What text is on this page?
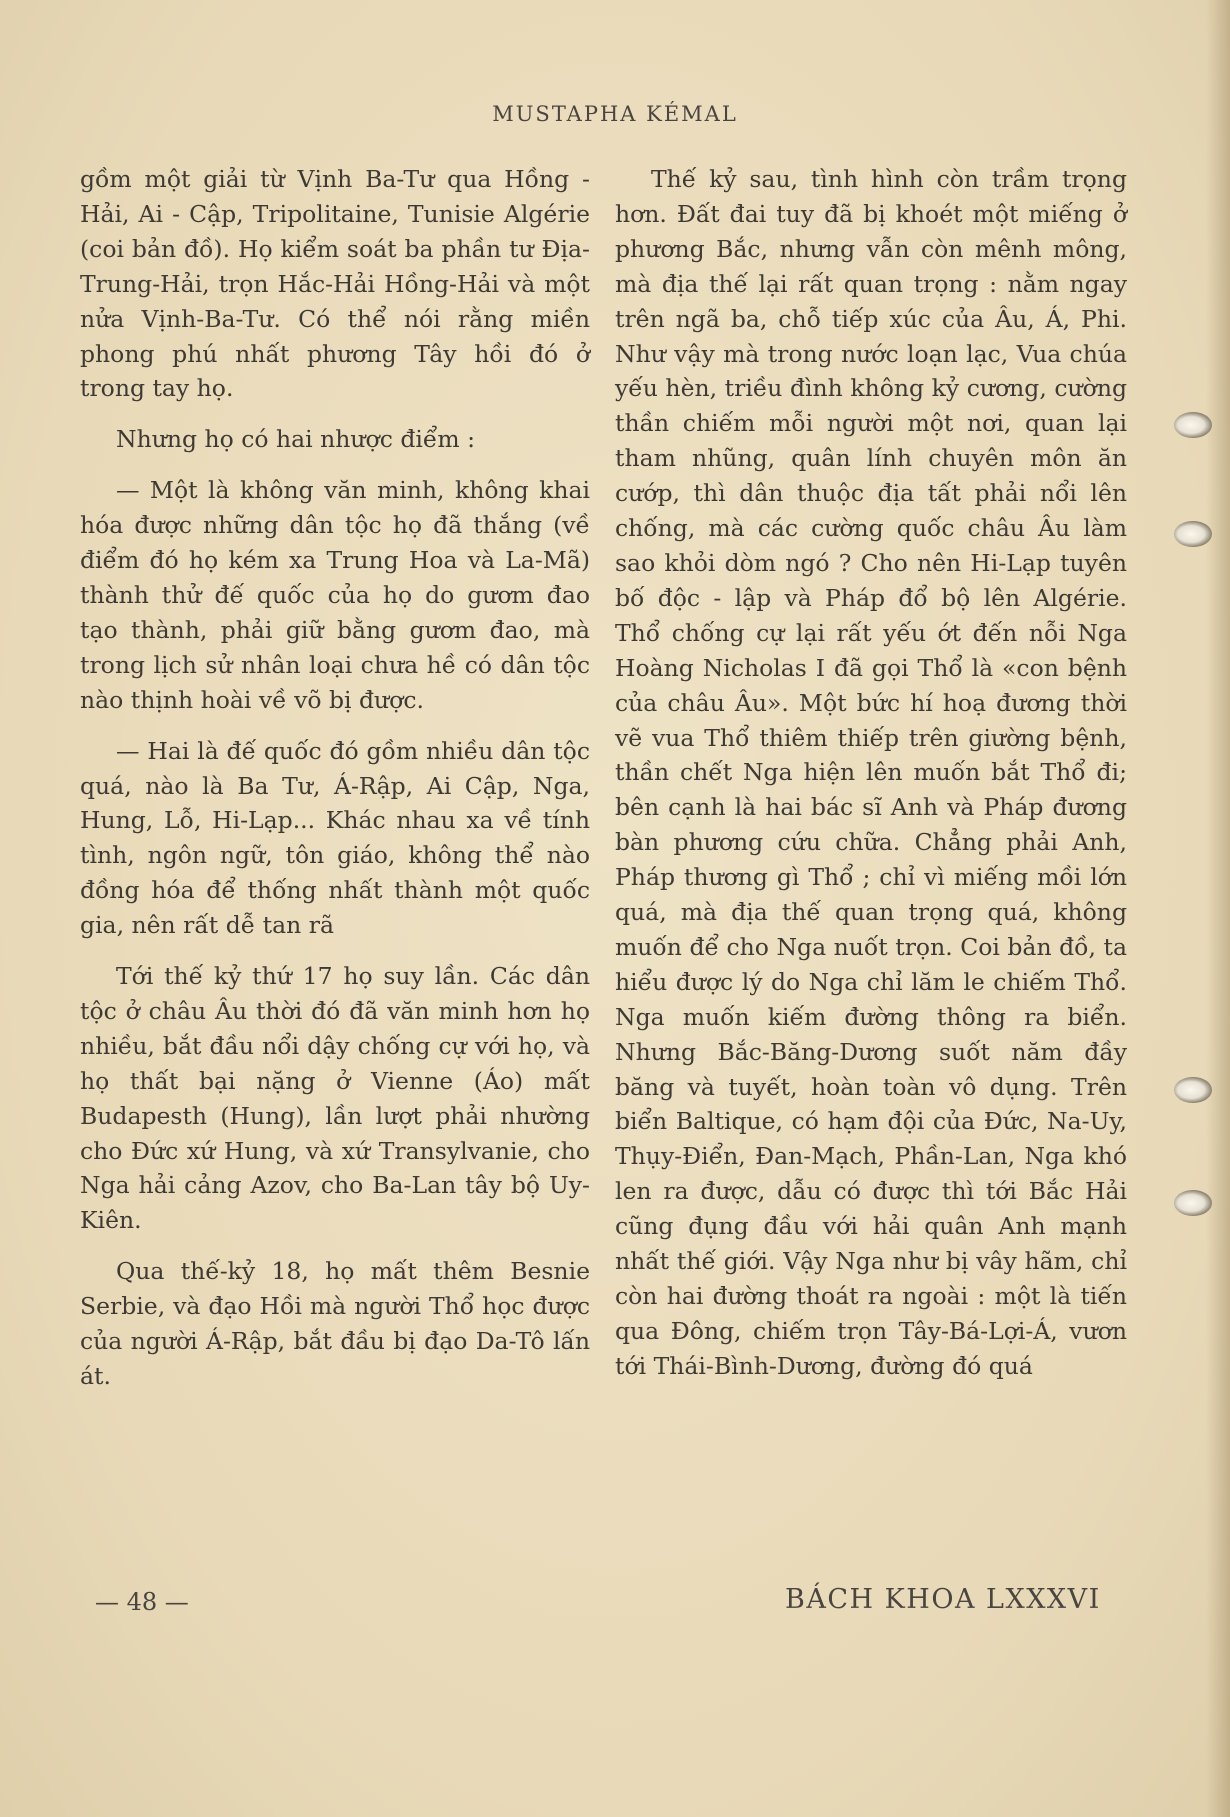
MUSTAPHA KÉMAL

gồm một giải từ Vịnh Ba-Tư qua Hồng - Hải, Ai - Cập, Tripolitaine, Tunisie Algérie (coi bản đồ). Họ kiểm soát ba phần tư Địa-Trung-Hải, trọn Hắc-Hải Hồng-Hải và một nửa Vịnh-Ba-Tư. Có thể nói rằng miền phong phú nhất phương Tây hồi đó ở trong tay họ.

Nhưng họ có hai nhược điểm :

— Một là không văn minh, không khai hóa được những dân tộc họ đã thắng (về điểm đó họ kém xa Trung Hoa và La-Mã) thành thử đế quốc của họ do gươm đao tạo thành, phải giữ bằng gươm đao, mà trong lịch sử nhân loại chưa hề có dân tộc nào thịnh hoài về võ bị được.

— Hai là đế quốc đó gồm nhiều dân tộc quá, nào là Ba Tư, Á-Rập, Ai Cập, Nga, Hung, Lỗ, Hi-Lạp... Khác nhau xa về tính tình, ngôn ngữ, tôn giáo, không thể nào đồng hóa để thống nhất thành một quốc gia, nên rất dễ tan rã

Tới thế kỷ thứ 17 họ suy lần. Các dân tộc ở châu Âu thời đó đã văn minh hơn họ nhiều, bắt đầu nổi dậy chống cự với họ, và họ thất bại nặng ở Vienne (Áo) mất Budapesth (Hung), lần lượt phải nhường cho Đức xứ Hung, và xứ Transylvanie, cho Nga hải cảng Azov, cho Ba-Lan tây bộ Uy-Kiên.

Qua thế-kỷ 18, họ mất thêm Besnie Serbie, và đạo Hồi mà người Thổ học được của người Á-Rập, bắt đầu bị đạo Da-Tô lấn át.

Thế kỷ sau, tình hình còn trầm trọng hơn. Đất đai tuy đã bị khoét một miếng ở phương Bắc, nhưng vẫn còn mênh mông, mà địa thế lại rất quan trọng : nằm ngay trên ngã ba, chỗ tiếp xúc của Âu, Á, Phi. Như vậy mà trong nước loạn lạc, Vua chúa yếu hèn, triều đình không kỷ cương, cường thần chiếm mỗi người một nơi, quan lại tham nhũng, quân lính chuyên môn ăn cướp, thì dân thuộc địa tất phải nổi lên chống, mà các cường quốc châu Âu làm sao khỏi dòm ngó ? Cho nên Hi-Lạp tuyên bố độc - lập và Pháp đổ bộ lên Algérie. Thổ chống cự lại rất yếu ớt đến nỗi Nga Hoàng Nicholas I đã gọi Thổ là «con bệnh của châu Âu». Một bức hí hoạ đương thời vẽ vua Thổ thiêm thiếp trên giường bệnh, thần chết Nga hiện lên muốn bắt Thổ đi; bên cạnh là hai bác sĩ Anh và Pháp đương bàn phương cứu chữa. Chẳng phải Anh, Pháp thương gì Thổ ; chỉ vì miếng mồi lớn quá, mà địa thế quan trọng quá, không muốn để cho Nga nuốt trọn. Coi bản đồ, ta hiểu được lý do Nga chỉ lăm le chiếm Thổ. Nga muốn kiếm đường thông ra biển. Nhưng Bắc-Băng-Dương suốt năm đầy băng và tuyết, hoàn toàn vô dụng. Trên biển Baltique, có hạm đội của Đức, Na-Uy, Thụy-Điển, Đan-Mạch, Phần-Lan, Nga khó len ra được, dẫu có được thì tới Bắc Hải cũng đụng đầu với hải quân Anh mạnh nhất thế giới. Vậy Nga như bị vây hãm, chỉ còn hai đường thoát ra ngoài : một là tiến qua Đông, chiếm trọn Tây-Bá-Lợi-Á, vươn tới Thái-Bình-Dương, đường đó quá

— 48 —	BÁCH KHOA LXXXVI
